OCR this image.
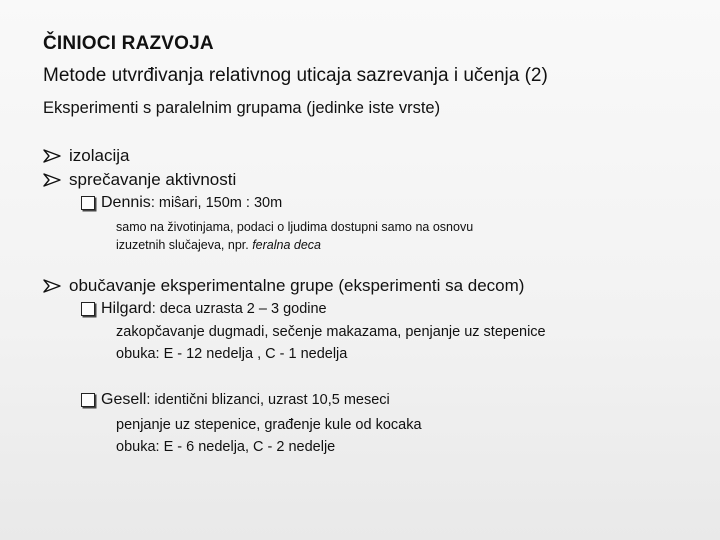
ČINIOCI RAZVOJA
Metode utvrđivanja relativnog uticaja sazrevanja i učenja (2)
Eksperimenti s paralelnim grupama (jedinke iste vrste)
izolacija
sprečavanje aktivnosti
Dennis : miŝari, 150m : 30m
samo na životinjama, podaci o ljudima dostupni samo na osnovu
izuzetnih slučajeva, npr. feralna deca
obučavanje eksperimentalne grupe (eksperimenti sa decom)
Hilgard : deca uzrasta 2 – 3 godine
zakopčavanje dugmadi, sečenje makazama, penjanje uz stepenice
obuka: E - 12 nedelja , C - 1 nedelja
Gesell : identični blizanci, uzrast 10,5 meseci
penjanje uz stepenice, građenje kule od kocaka
obuka: E - 6 nedelja, C - 2 nedelje
